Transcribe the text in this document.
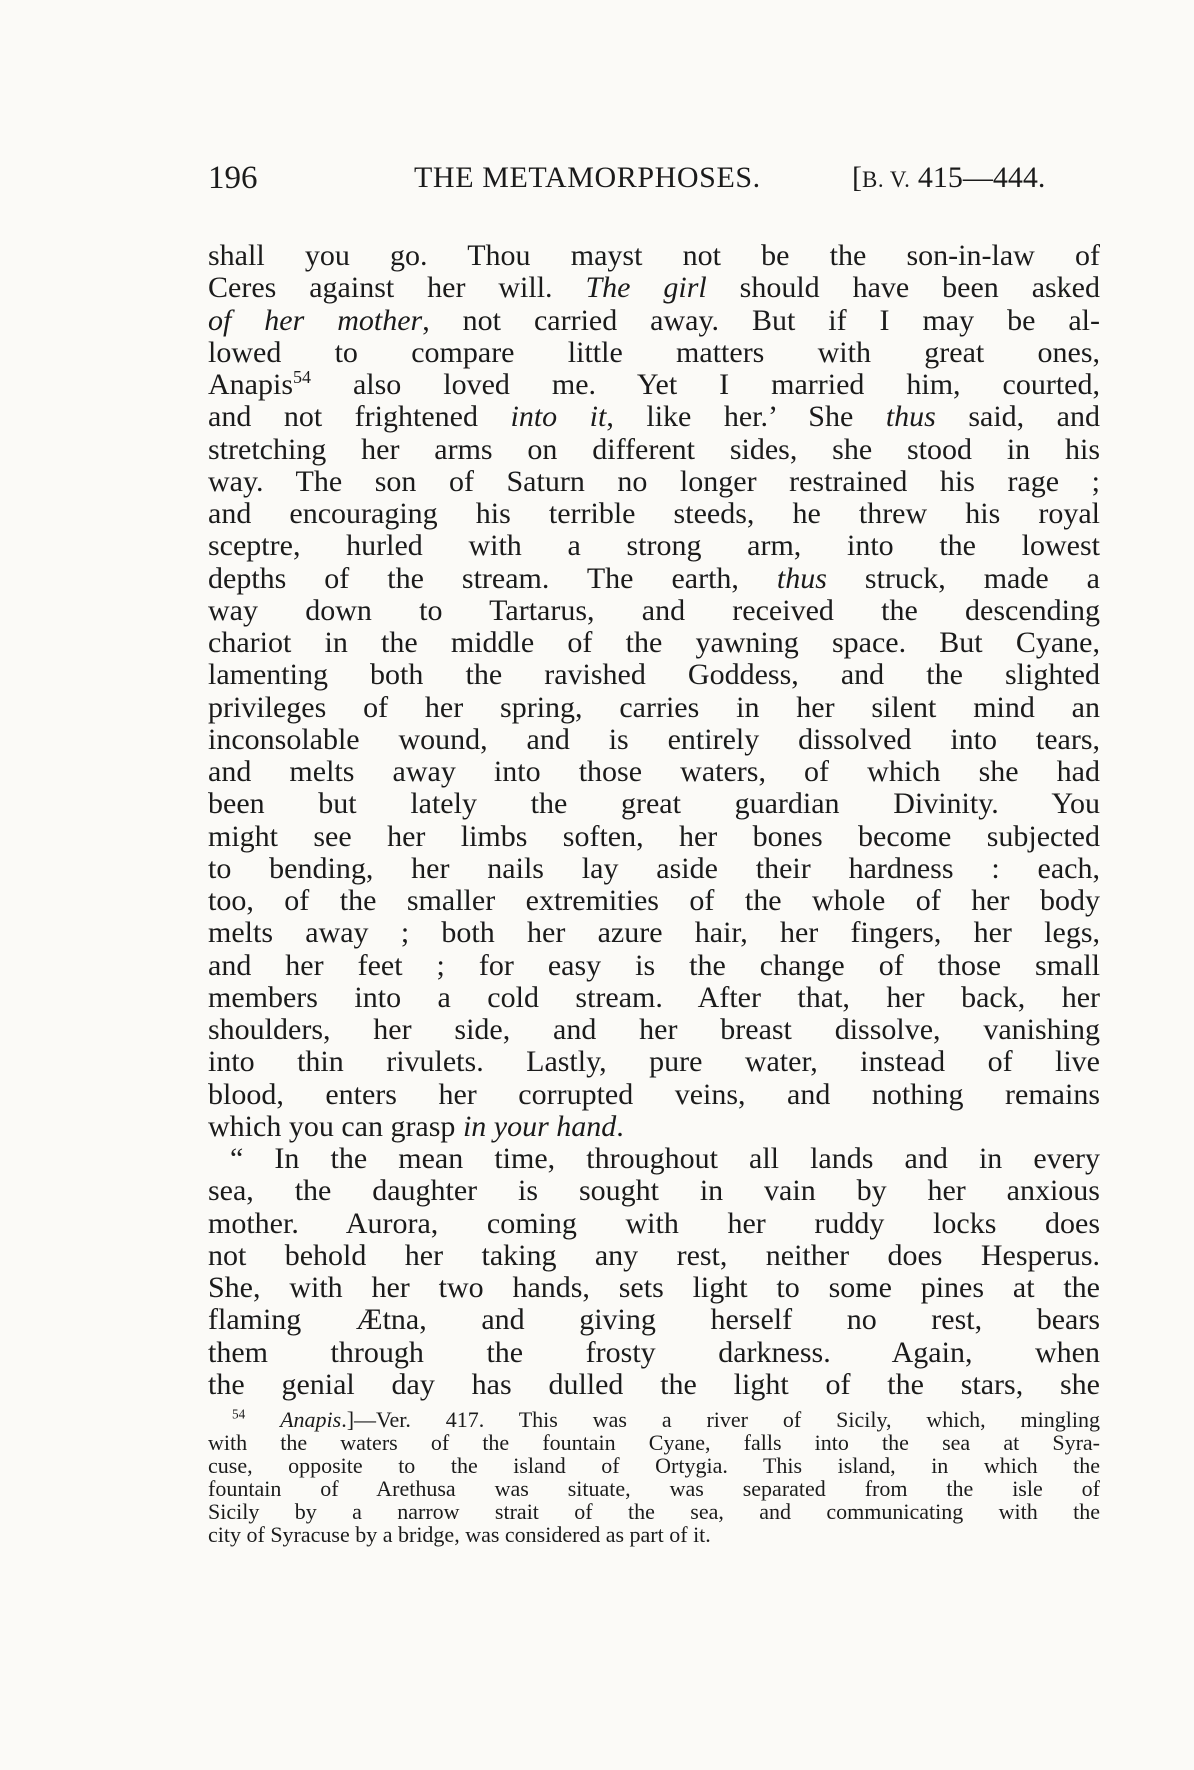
196	THE METAMORPHOSES.	[B. V. 415—444.
shall you go. Thou mayst not be the son-in-law of
Ceres against her will. The girl should have been asked
of her mother, not carried away. But if I may be al-
lowed to compare little matters with great ones,
Anapis$^{54}$ also loved me. Yet I married him, courted,
and not frightened into it, like her.’ She thus said, and
stretching her arms on different sides, she stood in his
way. The son of Saturn no longer restrained his rage ;
and encouraging his terrible steeds, he threw his royal
sceptre, hurled with a strong arm, into the lowest
depths of the stream. The earth, thus struck, made a
way down to Tartarus, and received the descending
chariot in the middle of the yawning space. But Cyane,
lamenting both the ravished Goddess, and the slighted
privileges of her spring, carries in her silent mind an
inconsolable wound, and is entirely dissolved into tears,
and melts away into those waters, of which she had
been but lately the great guardian Divinity. You
might see her limbs soften, her bones become subjected
to bending, her nails lay aside their hardness : each,
too, of the smaller extremities of the whole of her body
melts away ; both her azure hair, her fingers, her legs,
and her feet ; for easy is the change of those small
members into a cold stream. After that, her back, her
shoulders, her side, and her breast dissolve, vanishing
into thin rivulets. Lastly, pure water, instead of live
blood, enters her corrupted veins, and nothing remains
which you can grasp in your hand.
“ In the mean time, throughout all lands and in every
sea, the daughter is sought in vain by her anxious
mother. Aurora, coming with her ruddy locks does
not behold her taking any rest, neither does Hesperus.
She, with her two hands, sets light to some pines at the
flaming Ætna, and giving herself no rest, bears
them through the frosty darkness. Again, when
the genial day has dulled the light of the stars, she
$^{54}$ Anapis.]—Ver. 417. This was a river of Sicily, which, mingling
with the waters of the fountain Cyane, falls into the sea at Syra-
cuse, opposite to the island of Ortygia. This island, in which the
fountain of Arethusa was situate, was separated from the isle of
Sicily by a narrow strait of the sea, and communicating with the
city of Syracuse by a bridge, was considered as part of it.
